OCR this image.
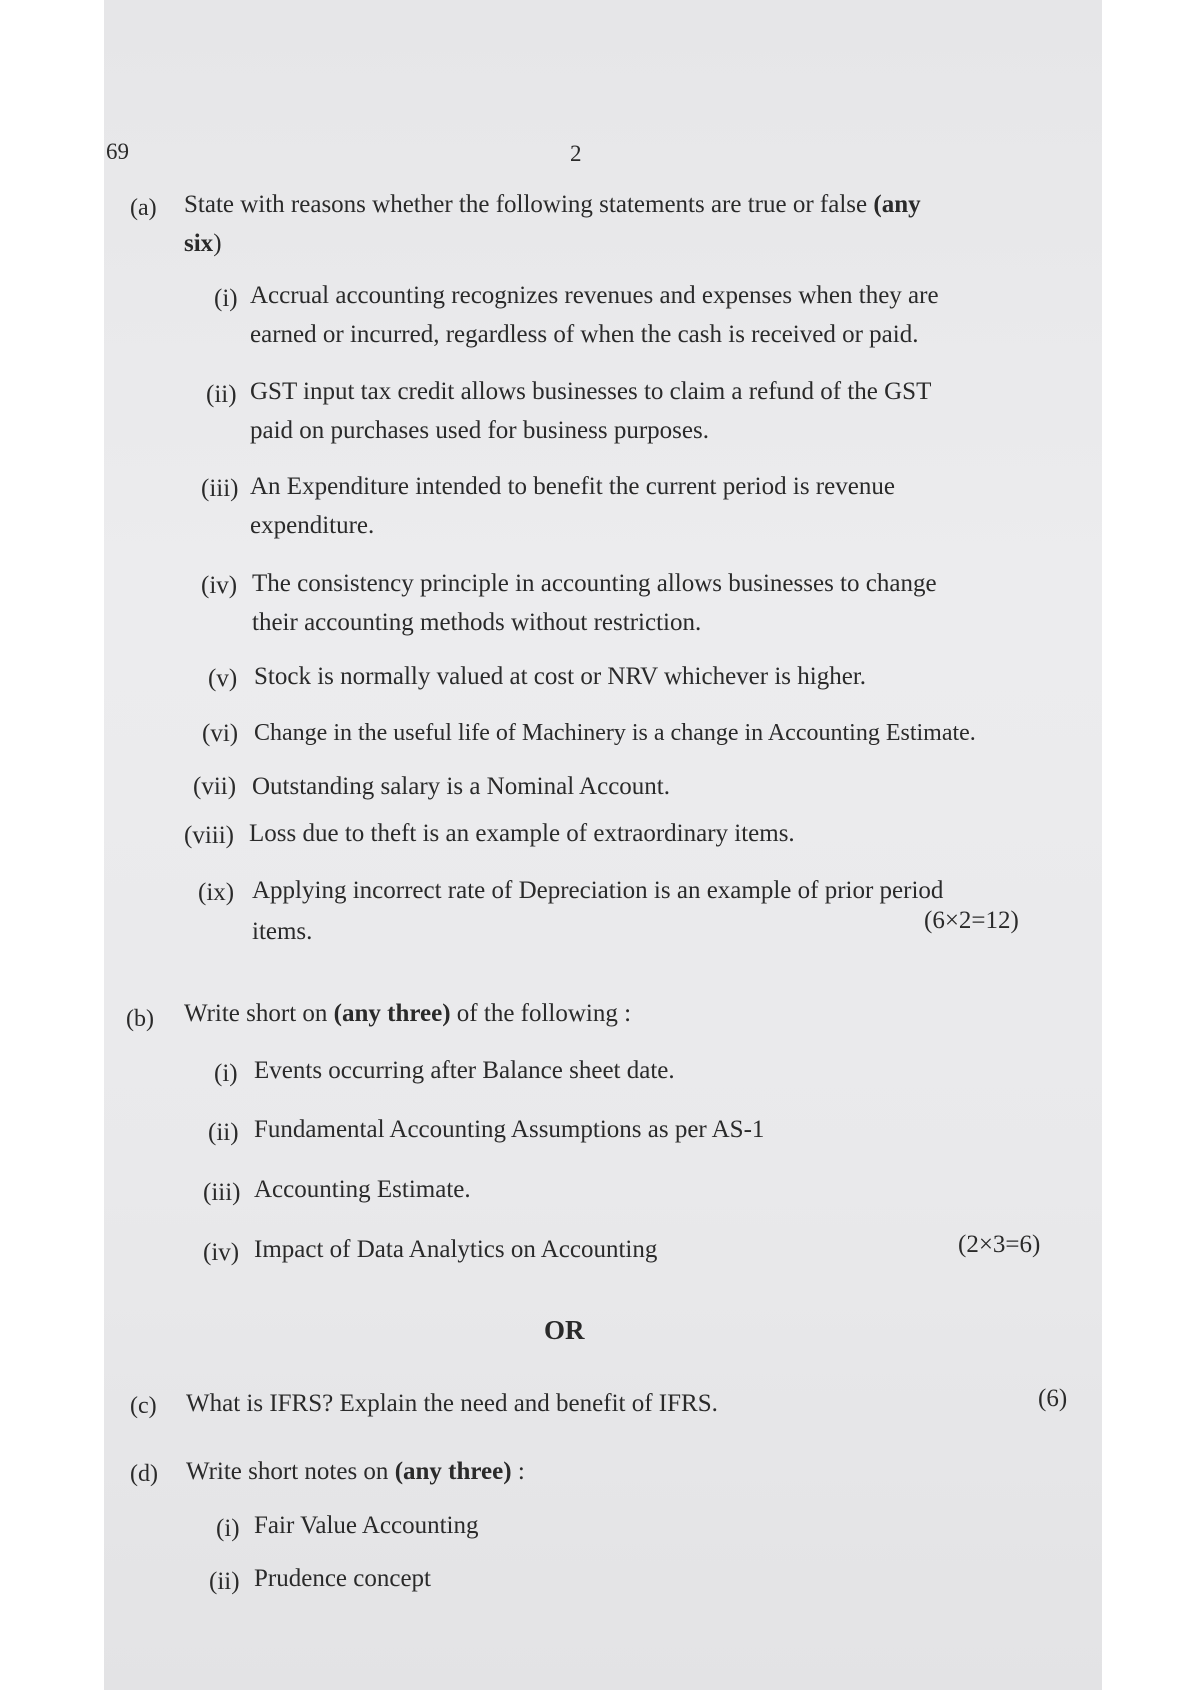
69	2
(a) State with reasons whether the following statements are true or false (any
six)
(i) Accrual accounting recognizes revenues and expenses when they are
earned or incurred, regardless of when the cash is received or paid.
(ii) GST input tax credit allows businesses to claim a refund of the GST
paid on purchases used for business purposes.
(iii) An Expenditure intended to benefit the current period is revenue
expenditure.
(iv) The consistency principle in accounting allows businesses to change
their accounting methods without restriction.
(v) Stock is normally valued at cost or NRV whichever is higher.
(vi) Change in the useful life of Machinery is a change in Accounting Estimate.
(vii) Outstanding salary is a Nominal Account.
(viii) Loss due to theft is an example of extraordinary items.
(ix) Applying incorrect rate of Depreciation is an example of prior period
items.	(6×2=12)
(b) Write short on (any three) of the following :
(i) Events occurring after Balance sheet date.
(ii) Fundamental Accounting Assumptions as per AS-1
(iii) Accounting Estimate.
(iv) Impact of Data Analytics on Accounting	(2×3=6)
OR
(c) What is IFRS? Explain the need and benefit of IFRS.	(6)
(d) Write short notes on (any three) :
(i) Fair Value Accounting
(ii) Prudence concept
